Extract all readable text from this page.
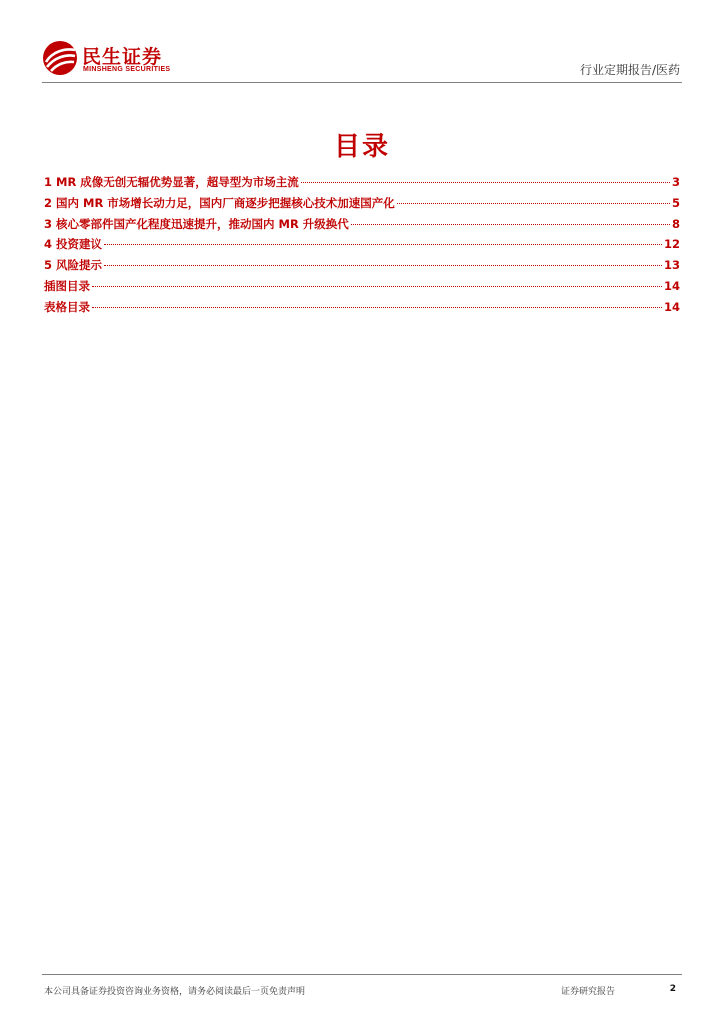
民生证券
MINSHENG SECURITIES	行业定期报告/医药
目录
1 MR 成像无创无辐优势显著，超导型为市场主流	3
2 国内 MR 市场增长动力足，国内厂商逐步把握核心技术加速国产化	5
3 核心零部件国产化程度迅速提升，推动国内 MR 升级换代	8
4 投资建议	12
5 风险提示	13
插图目录	14
表格目录	14
本公司具备证券投资咨询业务资格，请务必阅读最后一页免责声明	证券研究报告	2
